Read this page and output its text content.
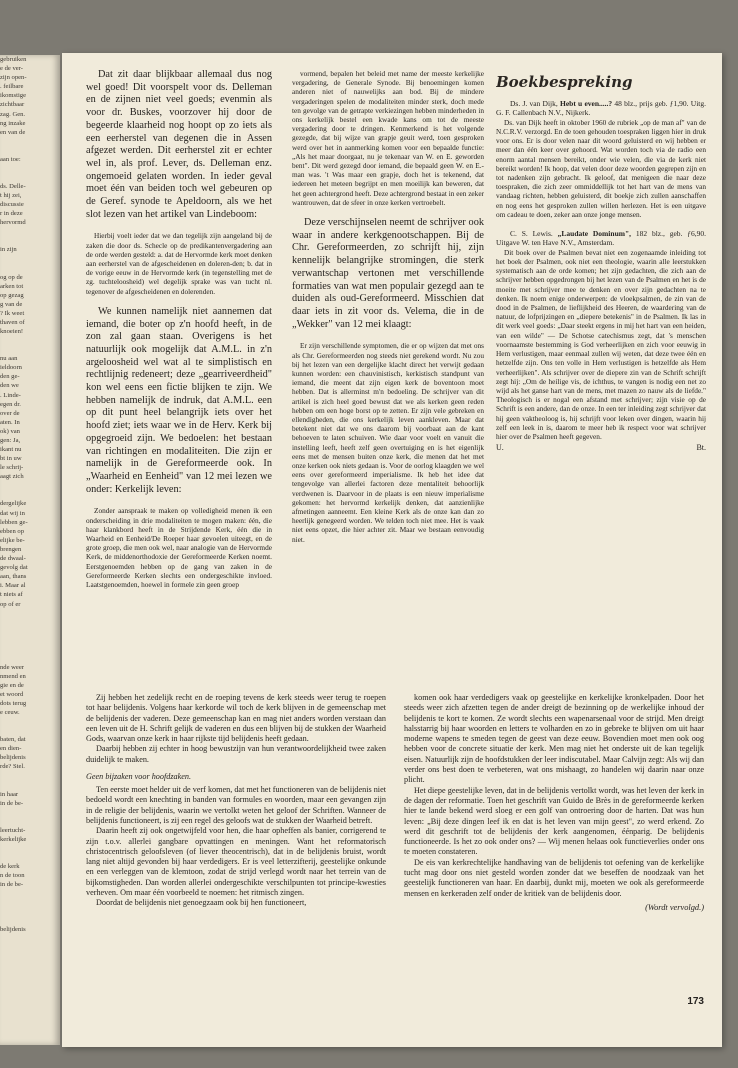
gebruiken

e de ver-

zijn open-

. feilbare

ikomstige

zichtbaar

zag. Gen.

ng inzake

en van de

aan toe:

ds. Delle-

t hij zei,

discussie

r in deze

hervormd

in zijn

og op de

arken tot

op gezag

g van de

? Ik weet

thaven of

knoeien!

nu aan

ieldoorn

den ge-

den we

. Linde-

egen dr.

over de

aten. In

ok) van

gen: Ja,

ikant nu

bt in uw

le schrij-

aagt zich

dergelijke

dat wij in

lebben ge-

ebben op

elijke be-

brengen

de dwaal-

gevolg dat

aan, thans

i. Maar al

t niets af

op of er

nde weer

nmend en

gie en de

et woord

dots terug

e ceuw.

baten, dat

en dien-

belijdenis

rde? Stel.

in haar

in de be-

leertucht-

kerkelijke

de kerk

n de toon

in de be-

belijdenis

Dat zit daar blijkbaar allemaal dus nog wel goed! Dit voorspelt voor ds. Delleman en de zijnen niet veel goeds; evenmin als voor dr. Buskes, voorzover hij door de begeerde klaarheid nog hoopt op zo iets als een eerherstel van degenen die in Assen afgezet werden. Dit eerherstel zit er echter wel in, als prof. Lever, ds. Delleman enz. ongemoeid gelaten worden. In ieder geval moet één van beiden toch wel gebeuren op de Geref. synode te Apeldoorn, als we het slot lezen van het artikel van Lindeboom:

Hierbij voelt ieder dat we dan tegelijk zijn aangeland bij de zaken die door ds. Schecle op de predikantenvergadering aan de orde werden gesteld: a. dat de Hervormde kerk moet denken aan eerherstel van de afgescheidenen en doleren-den; b. dat in de vorige eeuw in de Hervormde kerk (in tegenstelling met de zg. tuchteloosheid) wel degelijk sprake was van tucht nl. tegenover de afgescheidenen en dolerenden.

We kunnen namelijk niet aannemen dat iemand, die boter op z'n hoofd heeft, in de zon zal gaan staan. Overigens is het natuurlijk ook mogelijk dat A.M.L. in z'n argeloosheid wel wat al te simplistisch en rechtlijnig redeneert; deze „gearriveerdheid" kon wel eens een fictie blijken te zijn. We hebben namelijk de indruk, dat A.M.L. een op dit punt heel belangrijk iets over het hoofd ziet; iets waar we in de Herv. Kerk bij opgegroeid zijn. We bedoelen: het bestaan van richtingen en modaliteiten. Die zijn er namelijk in de Gereformeerde ook. In „Waarheid en Eenheid" van 12 mei lezen we onder: Kerkelijk leven:

Zonder aanspraak te maken op volledigheid menen ik een onderscheiding in drie modaliteiten te mogen maken: één, die haar klankbord heeft in de Strijdende Kerk, één die in Waarheid en Eenheid/De Roeper haar gevoelen uiteegt, en de grote groep, die men ook wel, naar analogie van de Hervormde Kerk, de middenorthodoxie der Gereformeerde Kerken noemt. Eerstgenoemden hebben op de gang van zaken in de Gereformeerde Kerken slechts een ondergeschikte invloed. Laatstgenoemden, hoewel in formele zin geen groep

vormend, bepalen het beleid met name der meeste kerkelijke vergadering, de Generale Synode. Bij benoemingen komen anderen niet of nauwelijks aan bod. Bij de mindere vergaderingen spelen de modaliteiten minder sterk, doch mede ten gevolge van de getrapte verkiezingen hebben minderheden in ons kerkelijk bestel een kwade kans om tot de meeste vergadering door te dringen. Kenmerkend is het volgende gezegde, dat bij wijze van grapje geuit werd, toen gesproken werd over het in aanmerking komen voor een bepaalde functie: „Als het maar doorgaat, nu je tekenaar van W. en E. geworden bent". Dit werd gezegd door iemand, die bepaald geen W. en E.-man was. 't Was maar een grapje, doch het is tekenend, dat iedereen het meteen begrijpt en men moeilijk kan beweren, dat het geen achtergrond heeft. Deze achtergrond bestaat in een zeker wantrouwen, dat de sfeer in onze kerken vertroebelt.

Deze verschijnselen neemt de schrijver ook waar in andere kerkgenootschappen. Bij de Chr. Gereformeerden, zo schrijft hij, zijn kennelijk belangrijke stromingen, die sterk verwantschap vertonen met verschillende formaties van wat men populair gezegd aan te duiden als oud-Gereformeerd. Misschien dat daar iets in zit voor ds. Velema, die in de „Wekker" van 12 mei klaagt:

Er zijn verschillende symptomen, die er op wijzen dat met ons als Chr. Gereformeerden nog steeds niet gerekend wordt. Nu zou bij het lezen van een dergelijke klacht direct het verwijt gedaan kunnen worden: een chauvinistisch, kerkistisch standpunt van iemand, die meent dat zijn eigen kerk de boventoon moet hebben. Dat is allerminst m'n bedoeling. De schrijver van dit artikel is zich heel goed bewust dat we als kerken geen reden hebben om een hoge borst op te zetten. Er zijn vele gebreken en ellendigheden, die ons kerkelijk leven aankleven. Maar dat betekent niet dat we ons daarom bij voorbaat aan de kant behoeven te laten schuiven. Wie daar voor voelt en vanuit die instelling leeft, heeft zelf geen overtuiging en is het eigenlijk eens met de mensen buiten onze kerk, die menen dat het met onze kerken ook niets gedaan is. Voor de oorlog klaagden we wel eens over gereformeerd imperialisme. Ik heb het idee dat tengevolge van allerlei factoren deze mentaliteit behoorlijk verdwenen is. Daarvoor in de plaats is een nieuw imperialisme gekomen: het hervormd kerkelijk denken, dat aanzienlijke afmetingen aanneemt. Een kleine Kerk als de onze kan dan zo heerlijk genegeerd worden. We telden toch niet mee. Het is vaak niet eens opzet, die hier achter zit. Maar we bestaan eenvoudig niet.

Boekbespreking

Ds. J. van Dijk, Hebt u even.....? 48 blz., prijs geb. ƒ1,90. Uitg. G. F. Callenbach N.V., Nijkerk.

Ds. van Dijk heeft in oktober 1960 de rubriek „op de man af" van de N.C.R.V. verzorgd. En de toen gehouden toespraken liggen hier in druk voor ons. Er is door velen naar dit woord geluisterd en wij hebben er meer dan één keer over gehoord. Wat worden toch via de radio een enorm aantal mensen bereikt, onder wie velen, die via de kerk niet bereikt worden! Ik hoop, dat velen door deze woorden gegrepen zijn en tot nadenken zijn gebracht. Ik geloof, dat menigeen die naar deze toespraken, die zich zeer ommiddellijk tot het hart van de mens van vandaag richten, hebben geluisterd, dit boekje zich zullen aanschaffen en nog eens het gesproken zullen willen herlezen. Het is een uitgave om cadeau te doen, zeker aan onze jonge mensen.

C. S. Lewis. „Laudate Dominum", 182 blz., geb. ƒ6,90. Uitgave W. ten Have N.V., Amsterdam.

Dit boek over de Psalmen bevat niet een zogenaamde inleiding tot het boek der Psalmen, ook niet een theologie, waarin alle leerstukken systematisch aan de orde komen; het zijn gedachten, die zich aan de schrijver hebben opgedrongen bij het lezen van de Psalmen en het is de moeite met schrijver mee te denken en over zijn gedachten na te denken. Ik noem enige onderwerpen: de vloekpsalmen, de zin van de dood in de Psalmen, de lieflijkheid des Heeren, de waardering van de natuur, de lofprijzingen en „diepere betekenis" in de Psalmen. Ik las in dit werk veel goeds: „Daar steekt ergens in mij het hart van een heiden, van een wilde" — De Schotse catechismus zegt, dat 's menschen voornaamste bestemming is God verheerlijken en zich voor eeuwig in Hem verlustigen, maar eenmaal zullen wij weten, dat deze twee één en hetzelfde zijn. Ons ten volle in Hem verlustigen is hetzelfde als Hem verheerlijken". Als schrijver over de diepere zin van de Schrift schrijft zegt hij: „Om de heilige vis, de ichthus, te vangen is nodig een net zo wijd als het ganse hart van de mens, met mazen zo nauw als de liefde." Theologisch is er nogal een afstand met schrijver; zijn visie op de Schrift is een andere, dan de onze. In een ter inleiding zegt schrijver dat hij geen vaktheoloog is, hij schrijft voor leken over dingen, waarin hij zelf een leek in is, daarom te meer heb ik respect voor wat schrijver hier over de Psalmen heeft gegeven.

U.	Bt.

Zij hebben het zedelijk recht en de roeping tevens de kerk steeds weer terug te roepen tot haar belijdenis. Volgens haar kerkorde wil toch de kerk blijven in de gemeenschap met de belijdenis der vaderen. Deze gemeenschap kan en mag niet anders worden verstaan dan een leven uit de H. Schrift gelijk de vaderen en dus een blijven bij de stukken der Waarheid Gods, waarvan onze kerk in haar rijkste tijd belijdenis heeft gedaan.

Daarbij hebben zij echter in hoog bewustzijn van hun verantwoordelijkheid twee zaken duidelijk te maken.

Geen bijzaken voor hoofdzaken.

Ten eerste moet helder uit de verf komen, dat met het functioneren van de belijdenis niet bedoeld wordt een knechting in banden van formules en woorden, maar een gevangen zijn in de religie der belijdenis, waarin we vertolkt weten het geloof der Schriften. Wanneer de belijdenis functioneert, is zij een regel des geloofs wat de stukken der Waarheid betreft.

Daarin heeft zij ook ongetwijfeld voor hen, die haar opheffen als banier, corrigerend te zijn t.o.v. allerlei gangbare opvattingen en meningen. Want het reformatorisch christocentrisch geloofsleven (of liever theocentrisch), dat in de belijdenis bruist, wordt lang niet altijd gevonden bij haar verdedigers. Er is veel letterzifterij, geestelijke onkunde en een verleggen van de klemtoon, zodat de strijd verlegd wordt naar het terrein van de bijkomstigheden. Dan worden allerlei ondergeschikte verschilpunten tot principe-kwesties verheven. Om maar één voorbeeld te noemen: het ritmisch zingen.

Doordat de belijdenis niet genoegzaam ook bij hen functioneert,

komen ook haar verdedigers vaak op geestelijke en kerkelijke kronkelpaden. Door het steeds weer zich afzetten tegen de ander dreigt de bezinning op de werkelijke inhoud der belijdenis te kort te komen. Ze wordt slechts een wapenarsenaal voor de strijd. Men dreigt halsstarrig bij haar woorden en letters te volharden en zo in gebreke te blijven om uit haar moderne wapens te smeden tegen de geest van deze eeuw. Bovendien moet men ook oog hebben voor de concrete situatie der kerk. Men mag niet het onderste uit de kan tegelijk eisen. Natuurlijk zijn de hoofdstukken der leer indiscutabel. Maar Calvijn zegt: Als wij dan verder ons best doen te verbeteren, wat ons mishaagt, zo handelen wij daarin naar onze plicht.

Het diepe geestelijke leven, dat in de belijdenis vertolkt wordt, was het leven der kerk in de dagen der reformatie. Toen het geschrift van Guido de Brès in de gereformeerde kerken hier te lande bekend werd sloeg er een golf van ontroering door de harten. Dat was hun leven: „Bij deze dingen leef ik en dat is het leven van mijn geest", zo werd erkend. Zo werd dit geschrift tot de belijdenis der kerk aangenomen, éénparig. De belijdenis functioneerde. Is het zo ook onder ons? — Wij menen helaas ook functieverlies onder ons te moeten constateren.

De eis van kerkrechtelijke handhaving van de belijdenis tot oefening van de kerkelijke tucht mag door ons niet gesteld worden zonder dat we beseffen de noodzaak van het geestelijk functioneren van haar. En daarbij, dunkt mij, moeten we ook als gereformeerde mensen en kerkeraden zelf onder de kritiek van de belijdenis door.

(Wordt vervolgd.)
173
